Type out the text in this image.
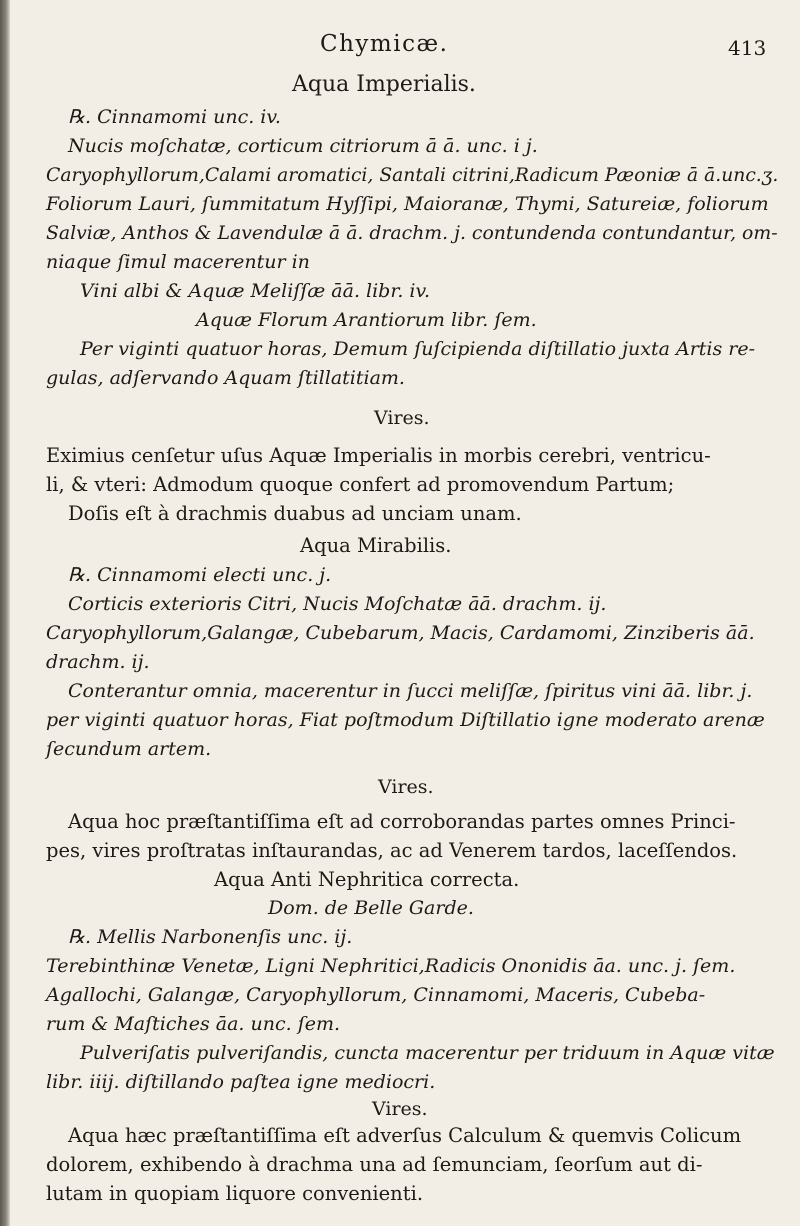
Chymicæ.	413
Aqua Imperialis.
℞. Cinnamomi unc. iv.
Nucis moſchatæ, corticum citriorum ā ā. unc. i j.
Caryophyllorum,Calami aromatici, Santali citrini,Radicum Pæoniæ ā ā.unc.ʒ.
Foliorum Lauri, ſummitatum Hyſſipi, Maioranæ, Thymi, Satureiæ, foliorum
Salviæ, Anthos & Lavendulæ ā ā. drachm. j. contundenda contundantur, om-
niaque ſimul macerentur in
Vini albi & Aquæ Meliſſæ āā. libr. iv.
Aquæ Florum Arantiorum libr. ſem.
Per viginti quatuor horas, Demum ſuſcipienda diſtillatio juxta Artis re-
gulas, adſervando Aquam ſtillatitiam.
Vires.
Eximius cenſetur uſus Aquæ Imperialis in morbis cerebri, ventricu-
li, & vteri: Admodum quoque confert ad promovendum Partum;
Doſis eſt à drachmis duabus ad unciam unam.
Aqua Mirabilis.
℞. Cinnamomi electi unc. j.
Corticis exterioris Citri, Nucis Moſchatæ āā. drachm. ij.
Caryophyllorum,Galangæ, Cubebarum, Macis, Cardamomi, Zinziberis āā.
drachm. ij.
Conterantur omnia, macerentur in ſucci meliſſæ, ſpiritus vini āā. libr. j.
per viginti quatuor horas, Fiat poſtmodum Diſtillatio igne moderato arenæ
ſecundum artem.
Vires.
Aqua hoc præſtantiſſima eſt ad corroborandas partes omnes Princi-
pes, vires proſtratas inſtaurandas, ac ad Venerem tardos, laceſſendos.
Aqua Anti Nephritica correcta.
Dom. de Belle Garde.
℞. Mellis Narbonenſis unc. ij.
Terebinthinæ Venetæ, Ligni Nephritici,Radicis Ononidis āa. unc. j. ſem.
Agallochi, Galangæ, Caryophyllorum, Cinnamomi, Maceris, Cubeba-
rum & Maſtiches āa. unc. ſem.
Pulveriſatis pulveriſandis, cuncta macerentur per triduum in Aquæ vitæ
libr. iiij. diſtillando paſtea igne mediocri.
Vires.
Aqua hæc præſtantiſſima eſt adverſus Calculum & quemvis Colicum
dolorem, exhibendo à drachma una ad ſemunciam, ſeorſum aut di-
lutam in quopiam liquore convenienti.
